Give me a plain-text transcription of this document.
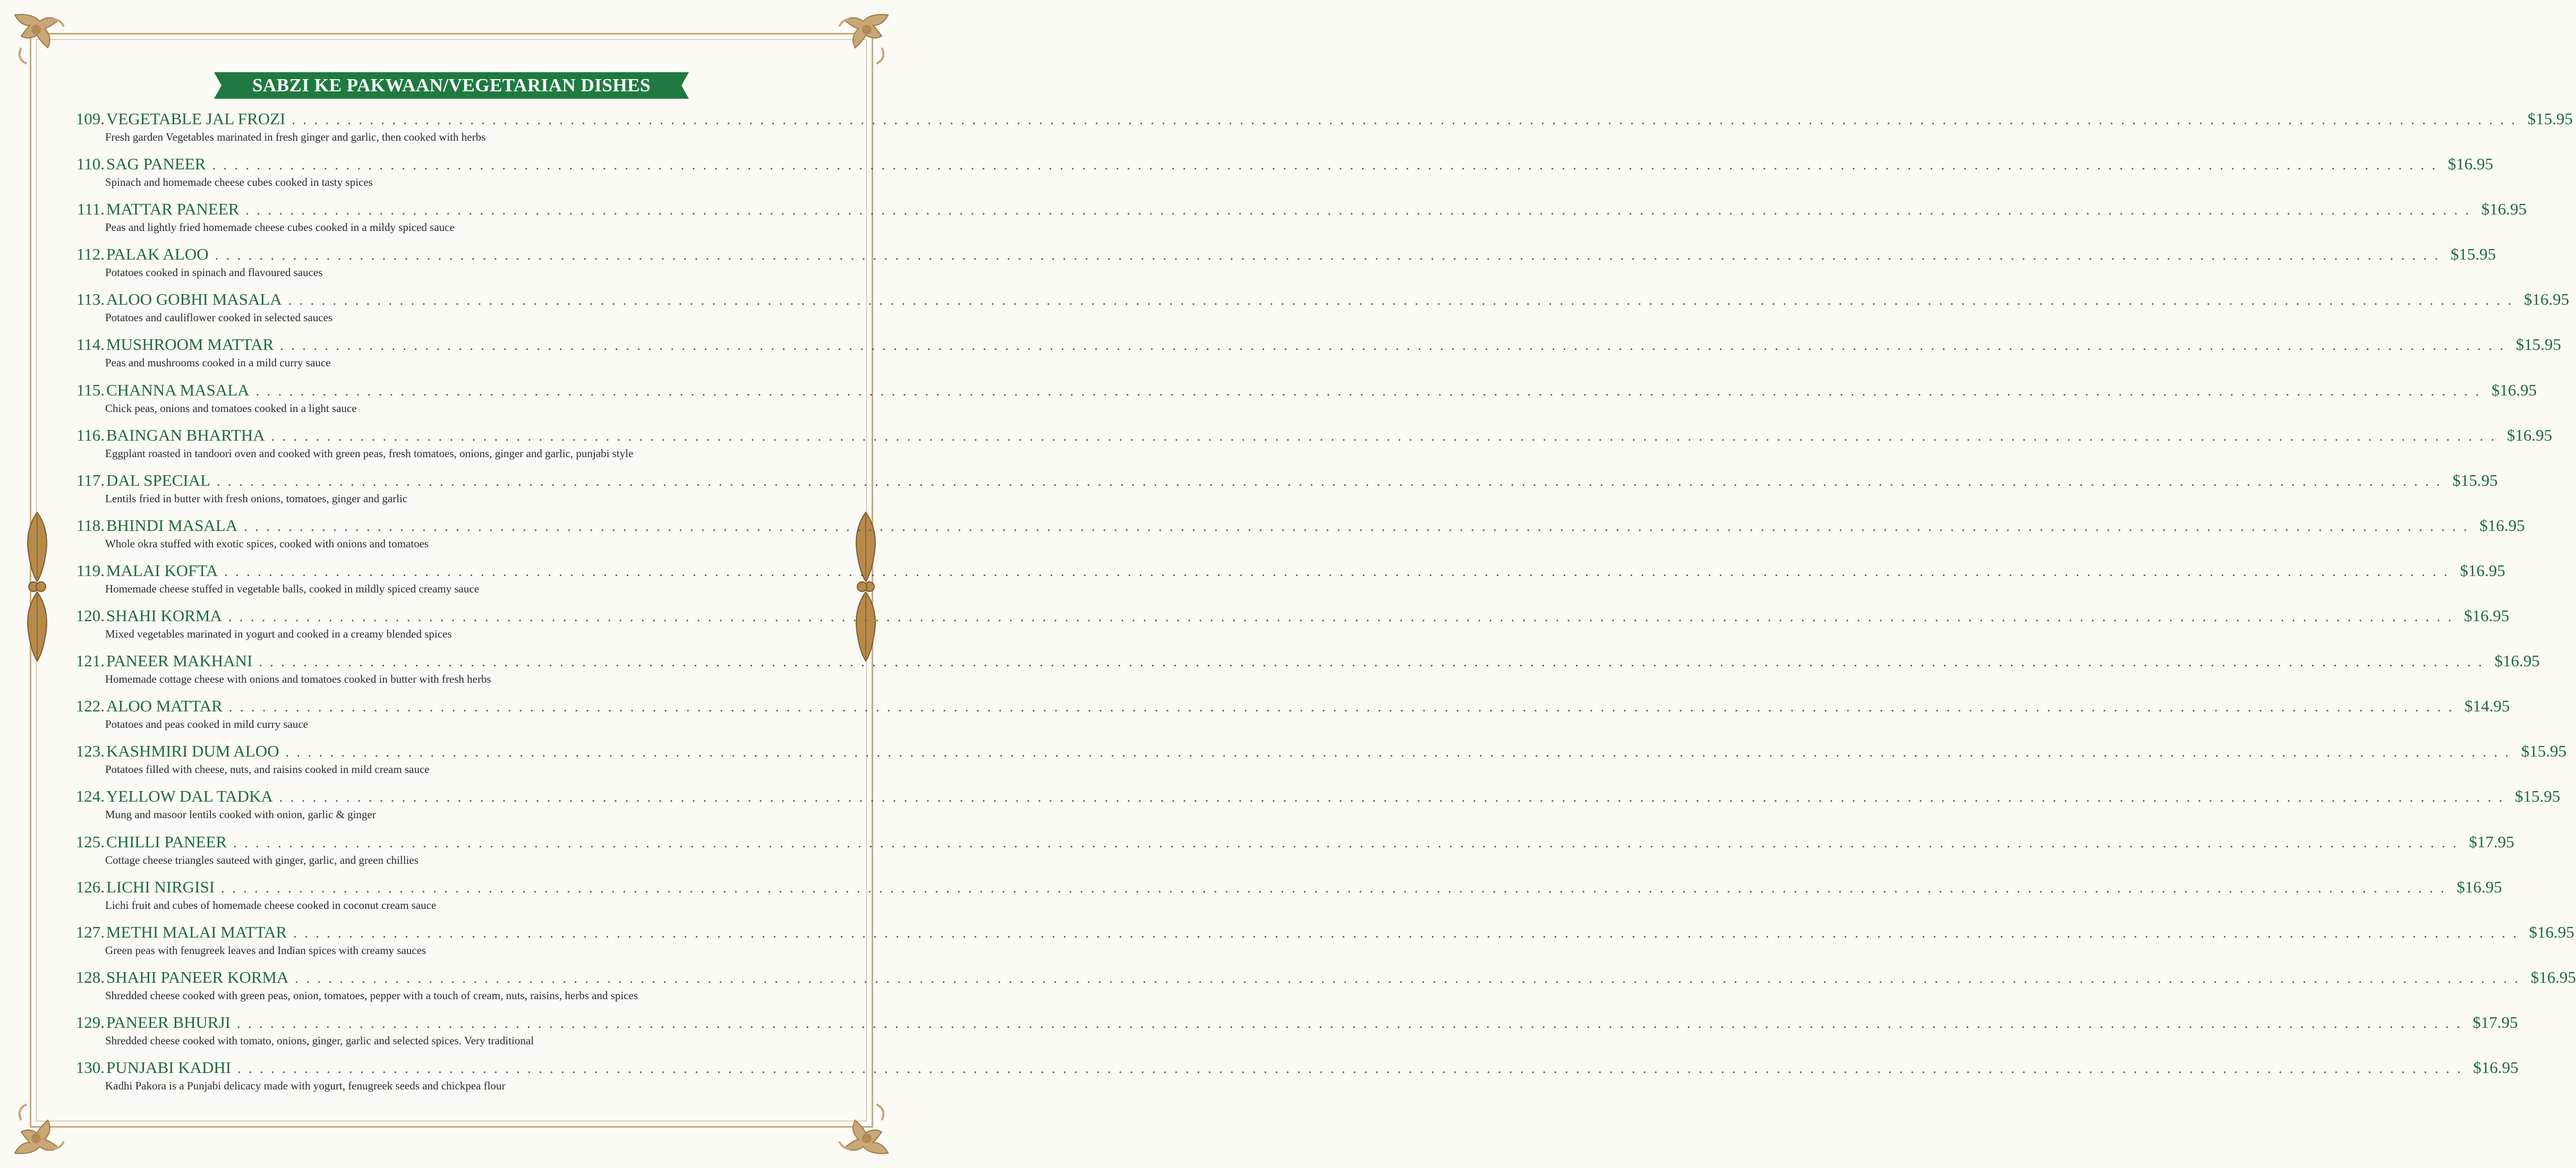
SABZI KE PAKWAAN/VEGETARIAN DISHES
109. VEGETABLE JAL FROZI . . . . . . . . . . . . . . . . . . . . . . . . . . . . . . . . . . . . . . . . . . . . . . . . . . . . . . . . . . . . . . . . . . . . . . . . . . . . . . . . . . . . . . . . . . . . . . . . . . . . . . . . . . . . . . . . . . . . . . . . . . . . . . . . . . . . . . . . . . . . . . . . . . . . . . . . . . . . . . . . . . . . . . . . . . . . . . . . . . . . . . . . . . . . . . . . . . . . . . . . $15.95
Fresh garden Vegetables marinated in fresh ginger and garlic, then cooked with herbs
110. SAG PANEER . . . . . . . . . . . . . . . . . . . . . . . . . . . . . . . . . . . . . . . . . . . . . . . . . . . . . . . . . . . . . . . . . . . . . . . . . . . . . . . . . . . . . . . . . . . . . . . . . . . . . . . . . . . . . . . . . . . . . . . . . . . . . . . . . . . . . . . . . . . . . . . . . . . . . . . . . . . . . . . . . . . . . . . . . . . . . . . . . . . . . . . . . . . . . . . . . . . . . . . . $16.95
Spinach and homemade cheese cubes cooked in tasty spices
111. MATTAR PANEER . . . . . . . . . . . . . . . . . . . . . . . . . . . . . . . . . . . . . . . . . . . . . . . . . . . . . . . . . . . . . . . . . . . . . . . . . . . . . . . . . . . . . . . . . . . . . . . . . . . . . . . . . . . . . . . . . . . . . . . . . . . . . . . . . . . . . . . . . . . . . . . . . . . . . . . . . . . . . . . . . . . . . . . . . . . . . . . . . . . . . . . . . . . . . . . . . . . . . . . . $16.95
Peas and lightly fried homemade cheese cubes cooked in a mildy spiced sauce
112. PALAK ALOO . . . . . . . . . . . . . . . . . . . . . . . . . . . . . . . . . . . . . . . . . . . . . . . . . . . . . . . . . . . . . . . . . . . . . . . . . . . . . . . . . . . . . . . . . . . . . . . . . . . . . . . . . . . . . . . . . . . . . . . . . . . . . . . . . . . . . . . . . . . . . . . . . . . . . . . . . . . . . . . . . . . . . . . . . . . . . . . . . . . . . . . . . . . . . . . . . . . . . . . . $15.95
Potatoes cooked in spinach and flavoured sauces
113. ALOO GOBHI MASALA . . . . . . . . . . . . . . . . . . . . . . . . . . . . . . . . . . . . . . . . . . . . . . . . . . . . . . . . . . . . . . . . . . . . . . . . . . . . . . . . . . . . . . . . . . . . . . . . . . . . . . . . . . . . . . . . . . . . . . . . . . . . . . . . . . . . . . . . . . . . . . . . . . . . . . . . . . . . . . . . . . . . . . . . . . . . . . . . . . . . . . . . . . . . . . . . . . . . . . . . $16.95
Potatoes and cauliflower cooked in selected sauces
114. MUSHROOM MATTAR . . . . . . . . . . . . . . . . . . . . . . . . . . . . . . . . . . . . . . . . . . . . . . . . . . . . . . . . . . . . . . . . . . . . . . . . . . . . . . . . . . . . . . . . . . . . . . . . . . . . . . . . . . . . . . . . . . . . . . . . . . . . . . . . . . . . . . . . . . . . . . . . . . . . . . . . . . . . . . . . . . . . . . . . . . . . . . . . . . . . . . . . . . . . . . . . . . . . . . . . $15.95
Peas and mushrooms cooked in a mild curry sauce
115. CHANNA MASALA . . . . . . . . . . . . . . . . . . . . . . . . . . . . . . . . . . . . . . . . . . . . . . . . . . . . . . . . . . . . . . . . . . . . . . . . . . . . . . . . . . . . . . . . . . . . . . . . . . . . . . . . . . . . . . . . . . . . . . . . . . . . . . . . . . . . . . . . . . . . . . . . . . . . . . . . . . . . . . . . . . . . . . . . . . . . . . . . . . . . . . . . . . . . . . . . . . . . . . . . $16.95
Chick peas, onions and tomatoes cooked in a light sauce
116. BAINGAN BHARTHA . . . . . . . . . . . . . . . . . . . . . . . . . . . . . . . . . . . . . . . . . . . . . . . . . . . . . . . . . . . . . . . . . . . . . . . . . . . . . . . . . . . . . . . . . . . . . . . . . . . . . . . . . . . . . . . . . . . . . . . . . . . . . . . . . . . . . . . . . . . . . . . . . . . . . . . . . . . . . . . . . . . . . . . . . . . . . . . . . . . . . . . . . . . . . . . . . . . . . . . . $16.95
Eggplant roasted in tandoori oven and cooked with green peas, fresh tomatoes, onions, ginger and garlic, punjabi style
117. DAL SPECIAL . . . . . . . . . . . . . . . . . . . . . . . . . . . . . . . . . . . . . . . . . . . . . . . . . . . . . . . . . . . . . . . . . . . . . . . . . . . . . . . . . . . . . . . . . . . . . . . . . . . . . . . . . . . . . . . . . . . . . . . . . . . . . . . . . . . . . . . . . . . . . . . . . . . . . . . . . . . . . . . . . . . . . . . . . . . . . . . . . . . . . . . . . . . . . . . . . . . . . . . . $15.95
Lentils fried in butter with fresh onions, tomatoes, ginger and garlic
118. BHINDI MASALA . . . . . . . . . . . . . . . . . . . . . . . . . . . . . . . . . . . . . . . . . . . . . . . . . . . . . . . . . . . . . . . . . . . . . . . . . . . . . . . . . . . . . . . . . . . . . . . . . . . . . . . . . . . . . . . . . . . . . . . . . . . . . . . . . . . . . . . . . . . . . . . . . . . . . . . . . . . . . . . . . . . . . . . . . . . . . . . . . . . . . . . . . . . . . . . . . . . . . . . . $16.95
Whole okra stuffed with exotic spices, cooked with onions and tomatoes
119. MALAI KOFTA . . . . . . . . . . . . . . . . . . . . . . . . . . . . . . . . . . . . . . . . . . . . . . . . . . . . . . . . . . . . . . . . . . . . . . . . . . . . . . . . . . . . . . . . . . . . . . . . . . . . . . . . . . . . . . . . . . . . . . . . . . . . . . . . . . . . . . . . . . . . . . . . . . . . . . . . . . . . . . . . . . . . . . . . . . . . . . . . . . . . . . . . . . . . . . . . . . . . . . . . $16.95
Homemade cheese stuffed in vegetable balls, cooked in mildly spiced creamy sauce
120. SHAHI KORMA . . . . . . . . . . . . . . . . . . . . . . . . . . . . . . . . . . . . . . . . . . . . . . . . . . . . . . . . . . . . . . . . . . . . . . . . . . . . . . . . . . . . . . . . . . . . . . . . . . . . . . . . . . . . . . . . . . . . . . . . . . . . . . . . . . . . . . . . . . . . . . . . . . . . . . . . . . . . . . . . . . . . . . . . . . . . . . . . . . . . . . . . . . . . . . . . . . . . . . . . $16.95
Mixed vegetables marinated in yogurt and cooked in a creamy blended spices
121. PANEER MAKHANI . . . . . . . . . . . . . . . . . . . . . . . . . . . . . . . . . . . . . . . . . . . . . . . . . . . . . . . . . . . . . . . . . . . . . . . . . . . . . . . . . . . . . . . . . . . . . . . . . . . . . . . . . . . . . . . . . . . . . . . . . . . . . . . . . . . . . . . . . . . . . . . . . . . . . . . . . . . . . . . . . . . . . . . . . . . . . . . . . . . . . . . . . . . . . . . . . . . . . . . . $16.95
Homemade cottage cheese with onions and tomatoes cooked in butter with fresh herbs
122. ALOO MATTAR . . . . . . . . . . . . . . . . . . . . . . . . . . . . . . . . . . . . . . . . . . . . . . . . . . . . . . . . . . . . . . . . . . . . . . . . . . . . . . . . . . . . . . . . . . . . . . . . . . . . . . . . . . . . . . . . . . . . . . . . . . . . . . . . . . . . . . . . . . . . . . . . . . . . . . . . . . . . . . . . . . . . . . . . . . . . . . . . . . . . . . . . . . . . . . . . . . . . . . . . $14.95
Potatoes and peas cooked in mild curry sauce
123. KASHMIRI DUM ALOO . . . . . . . . . . . . . . . . . . . . . . . . . . . . . . . . . . . . . . . . . . . . . . . . . . . . . . . . . . . . . . . . . . . . . . . . . . . . . . . . . . . . . . . . . . . . . . . . . . . . . . . . . . . . . . . . . . . . . . . . . . . . . . . . . . . . . . . . . . . . . . . . . . . . . . . . . . . . . . . . . . . . . . . . . . . . . . . . . . . . . . . . . . . . . . . . . . . . . . . . $15.95
Potatoes filled with cheese, nuts, and raisins cooked in mild cream sauce
124. YELLOW DAL TADKA . . . . . . . . . . . . . . . . . . . . . . . . . . . . . . . . . . . . . . . . . . . . . . . . . . . . . . . . . . . . . . . . . . . . . . . . . . . . . . . . . . . . . . . . . . . . . . . . . . . . . . . . . . . . . . . . . . . . . . . . . . . . . . . . . . . . . . . . . . . . . . . . . . . . . . . . . . . . . . . . . . . . . . . . . . . . . . . . . . . . . . . . . . . . . . . . . . . . . . . . $15.95
Mung and masoor lentils cooked with onion, garlic & ginger
125. CHILLI PANEER . . . . . . . . . . . . . . . . . . . . . . . . . . . . . . . . . . . . . . . . . . . . . . . . . . . . . . . . . . . . . . . . . . . . . . . . . . . . . . . . . . . . . . . . . . . . . . . . . . . . . . . . . . . . . . . . . . . . . . . . . . . . . . . . . . . . . . . . . . . . . . . . . . . . . . . . . . . . . . . . . . . . . . . . . . . . . . . . . . . . . . . . . . . . . . . . . . . . . . . . $17.95
Cottage cheese triangles sauteed with ginger, garlic, and green chillies
126. LICHI NIRGISI . . . . . . . . . . . . . . . . . . . . . . . . . . . . . . . . . . . . . . . . . . . . . . . . . . . . . . . . . . . . . . . . . . . . . . . . . . . . . . . . . . . . . . . . . . . . . . . . . . . . . . . . . . . . . . . . . . . . . . . . . . . . . . . . . . . . . . . . . . . . . . . . . . . . . . . . . . . . . . . . . . . . . . . . . . . . . . . . . . . . . . . . . . . . . . . . . . . . . . . . $16.95
Lichi fruit and cubes of homemade cheese cooked in coconut cream sauce
127. METHI MALAI MATTAR . . . . . . . . . . . . . . . . . . . . . . . . . . . . . . . . . . . . . . . . . . . . . . . . . . . . . . . . . . . . . . . . . . . . . . . . . . . . . . . . . . . . . . . . . . . . . . . . . . . . . . . . . . . . . . . . . . . . . . . . . . . . . . . . . . . . . . . . . . . . . . . . . . . . . . . . . . . . . . . . . . . . . . . . . . . . . . . . . . . . . . . . . . . . . . . . . . . . . . . . $16.95
Green peas with fenugreek leaves and Indian spices with creamy sauces
128. SHAHI PANEER KORMA . . . . . . . . . . . . . . . . . . . . . . . . . . . . . . . . . . . . . . . . . . . . . . . . . . . . . . . . . . . . . . . . . . . . . . . . . . . . . . . . . . . . . . . . . . . . . . . . . . . . . . . . . . . . . . . . . . . . . . . . . . . . . . . . . . . . . . . . . . . . . . . . . . . . . . . . . . . . . . . . . . . . . . . . . . . . . . . . . . . . . . . . . . . . . . . . . . . . . . . . $16.95
Shredded cheese cooked with green peas, onion, tomatoes, pepper with a touch of cream, nuts, raisins, herbs and spices
129. PANEER BHURJI . . . . . . . . . . . . . . . . . . . . . . . . . . . . . . . . . . . . . . . . . . . . . . . . . . . . . . . . . . . . . . . . . . . . . . . . . . . . . . . . . . . . . . . . . . . . . . . . . . . . . . . . . . . . . . . . . . . . . . . . . . . . . . . . . . . . . . . . . . . . . . . . . . . . . . . . . . . . . . . . . . . . . . . . . . . . . . . . . . . . . . . . . . . . . . . . . . . . . . . . $17.95
Shredded cheese cooked with tomato, onions, ginger, garlic and selected spices. Very traditional
130. PUNJABI KADHI . . . . . . . . . . . . . . . . . . . . . . . . . . . . . . . . . . . . . . . . . . . . . . . . . . . . . . . . . . . . . . . . . . . . . . . . . . . . . . . . . . . . . . . . . . . . . . . . . . . . . . . . . . . . . . . . . . . . . . . . . . . . . . . . . . . . . . . . . . . . . . . . . . . . . . . . . . . . . . . . . . . . . . . . . . . . . . . . . . . . . . . . . . . . . . . . . . . . . . . . $16.95
Kadhi Pakora is a Punjabi delicacy made with yogurt, fenugreek seeds and chickpea flour
